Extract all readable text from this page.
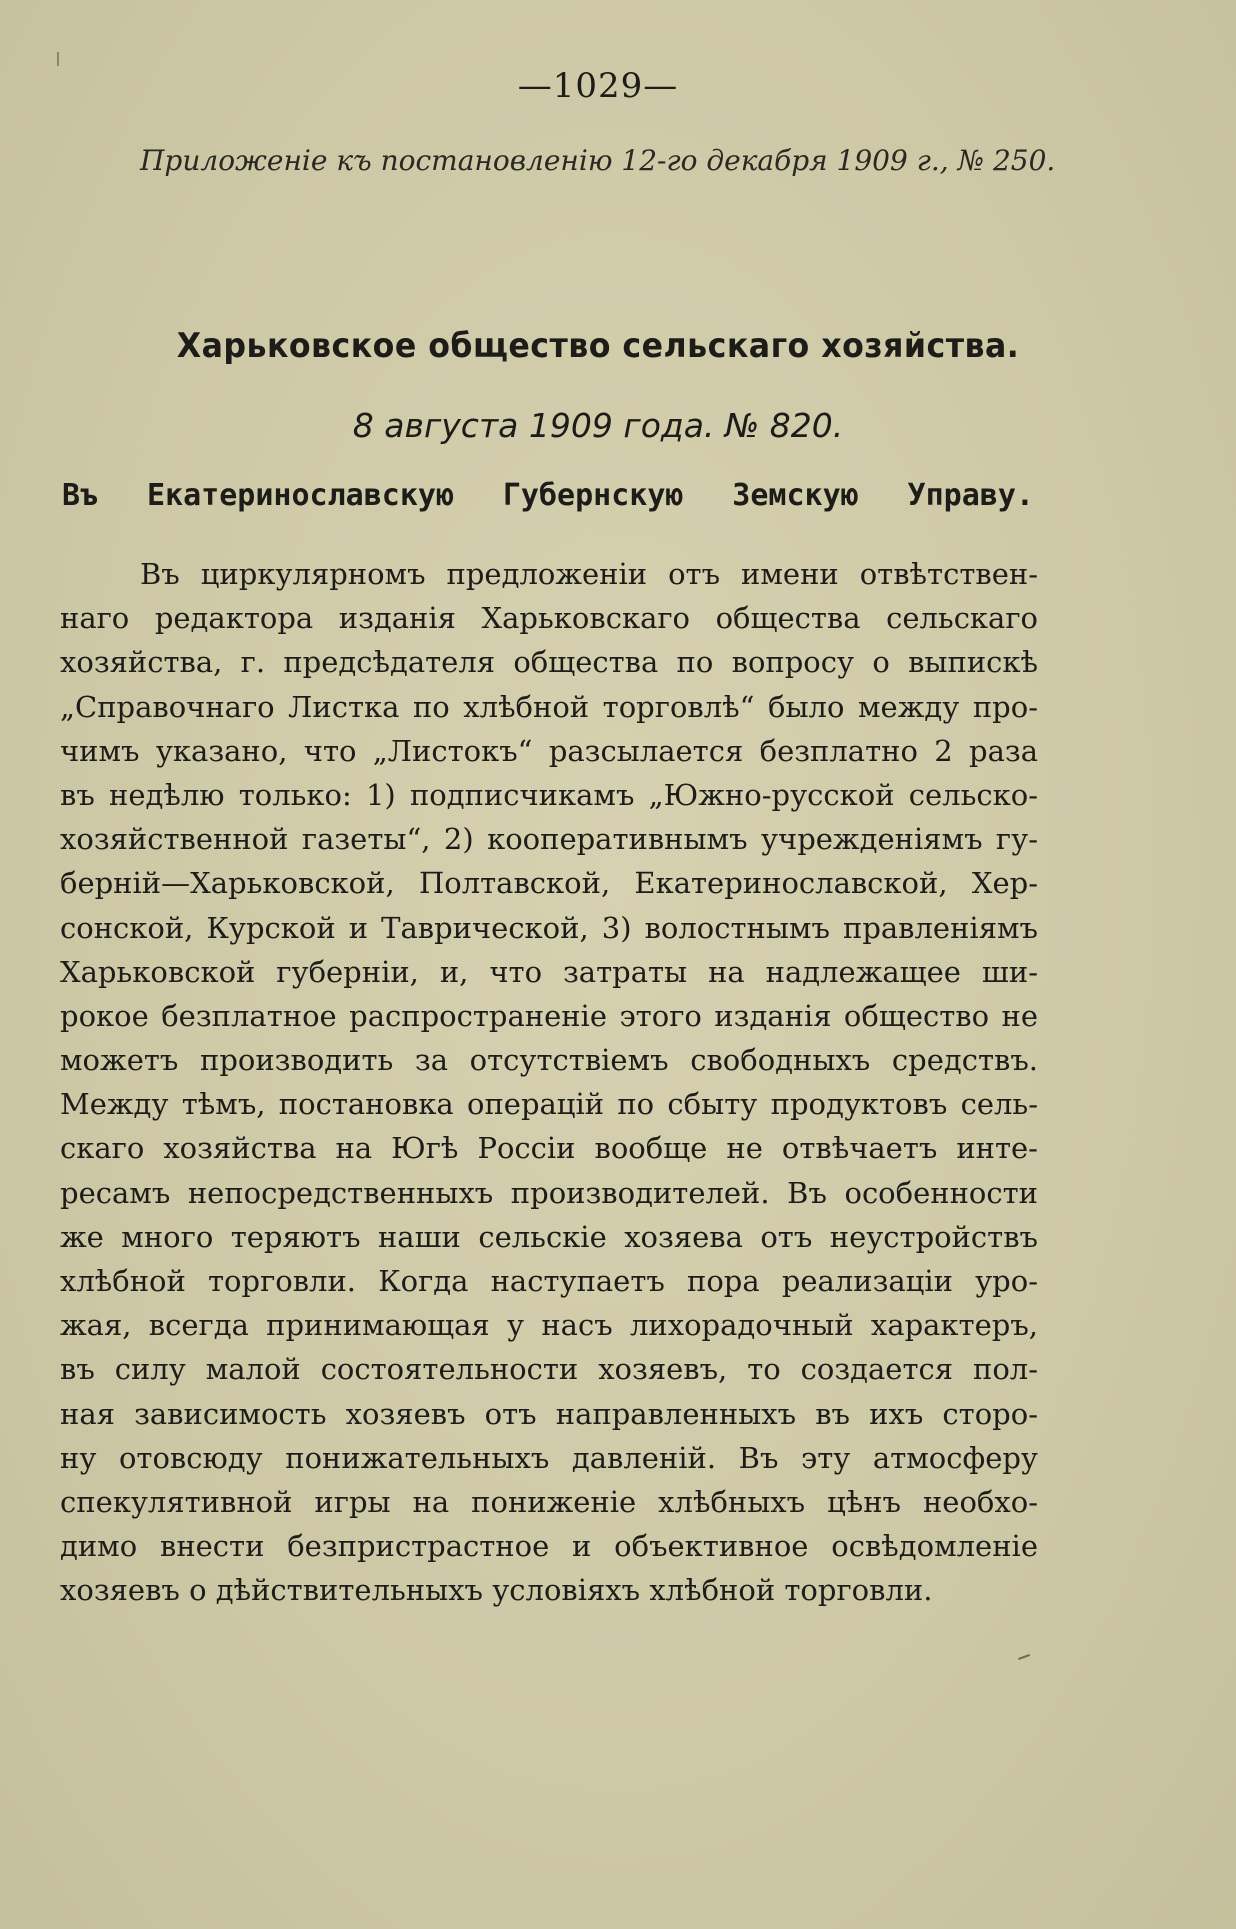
—1029—
Приложеніе къ постановленію 12-го декабря 1909 г., № 250.
Харьковское общество сельскаго хозяйства.
8 августа 1909 года. № 820.
Въ Екатеринославскую Губернскую Земскую Управу.
Въ циркулярномъ предложеніи отъ имени отвѣтствен-
наго редактора изданія Харьковскаго общества сельскаго
хозяйства, г. предсѣдателя общества по вопросу о выпискѣ
„Справочнаго Листка по хлѣбной торговлѣ“ было между про-
чимъ указано, что „Листокъ“ разсылается безплатно 2 раза
въ недѣлю только: 1) подписчикамъ „Южно-русской сельско-
хозяйственной газеты“, 2) кооперативнымъ учрежденіямъ гу-
берній—Харьковской, Полтавской, Екатеринославской, Хер-
сонской, Курской и Таврической, 3) волостнымъ правленіямъ
Харьковской губерніи, и, что затраты на надлежащее ши-
рокое безплатное распространеніе этого изданія общество не
можетъ производить за отсутствіемъ свободныхъ средствъ.
Между тѣмъ, постановка операцій по сбыту продуктовъ сель-
скаго хозяйства на Югѣ Россіи вообще не отвѣчаетъ инте-
ресамъ непосредственныхъ производителей. Въ особенности
же много теряютъ наши сельскіе хозяева отъ неустройствъ
хлѣбной торговли. Когда наступаетъ пора реализаціи уро-
жая, всегда принимающая у насъ лихорадочный характеръ,
въ силу малой состоятельности хозяевъ, то создается пол-
ная зависимость хозяевъ отъ направленныхъ въ ихъ сторо-
ну отовсюду понижательныхъ давленій. Въ эту атмосферу
спекулятивной игры на пониженіе хлѣбныхъ цѣнъ необхо-
димо внести безпристрастное и объективное освѣдомленіе
хозяевъ о дѣйствительныхъ условіяхъ хлѣбной торговли.
